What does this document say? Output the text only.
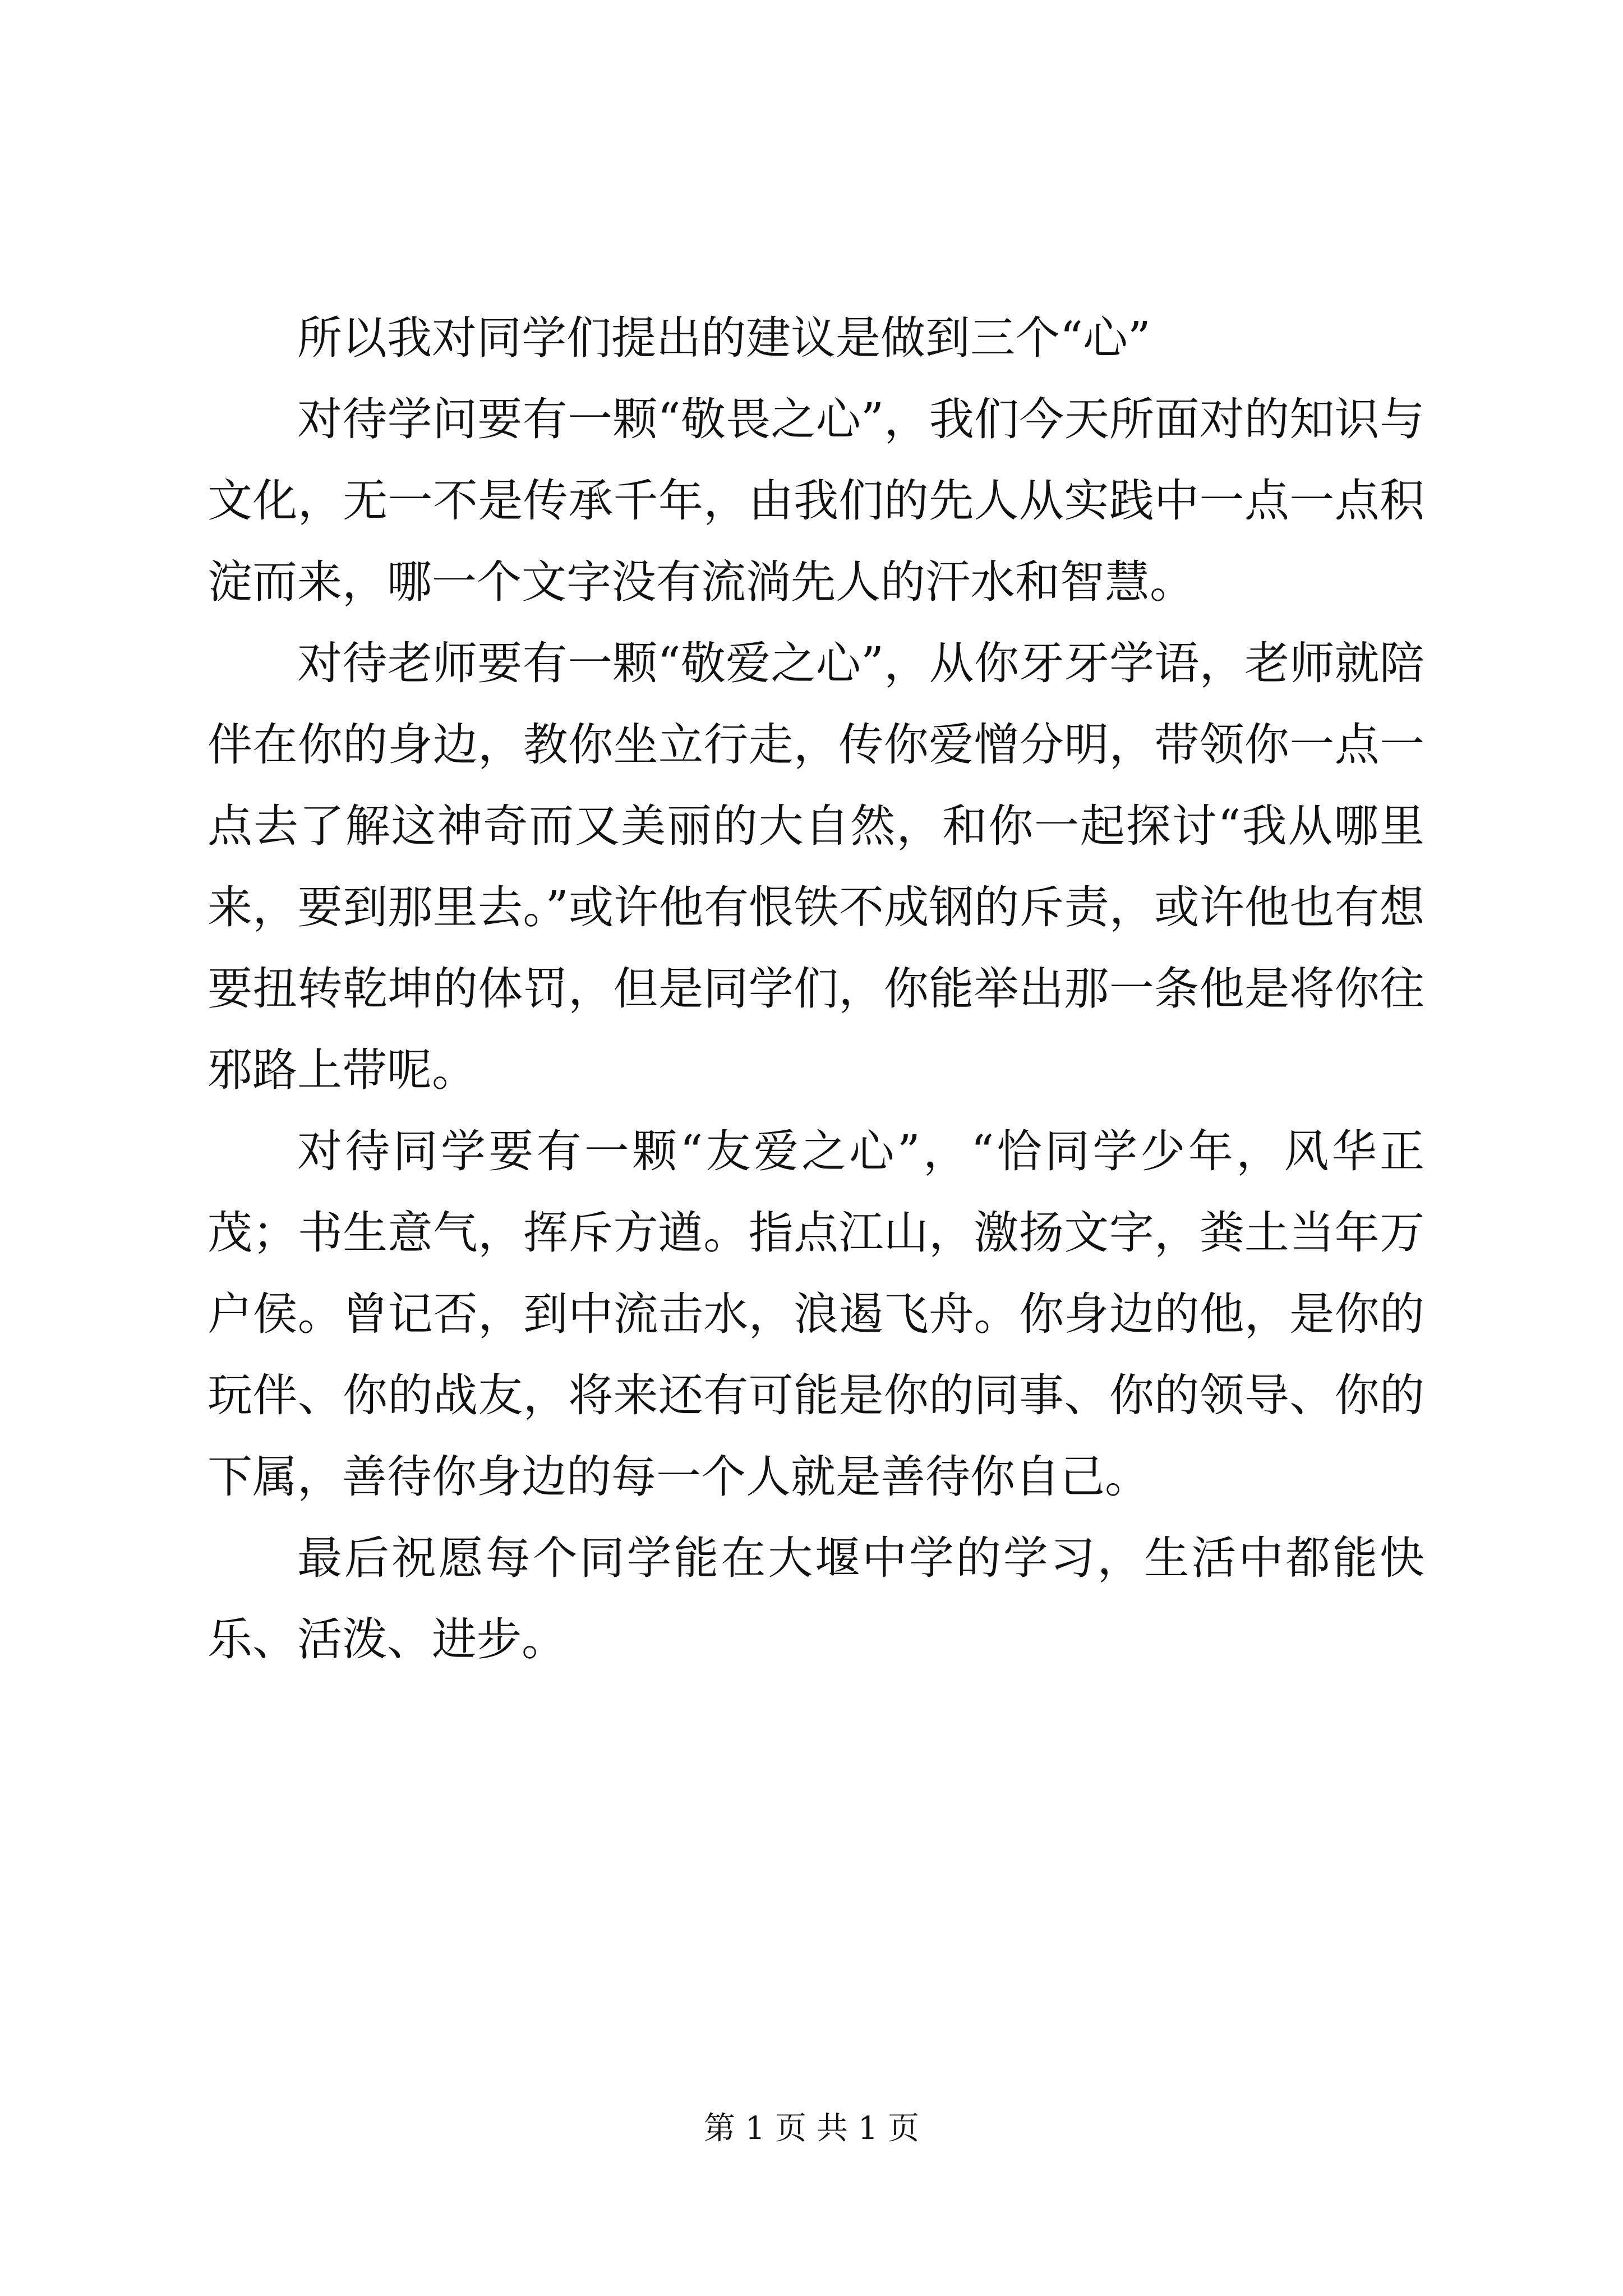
所以我对同学们提出的建议是做到三个“心”

对待学问要有一颗“敬畏之心”，我们今天所面对的知识与文化，无一不是传承千年，由我们的先人从实践中一点一点积淀而来，哪一个文字没有流淌先人的汗水和智慧。

对待老师要有一颗“敬爱之心”，从你牙牙学语，老师就陪伴在你的身边，教你坐立行走，传你爱憎分明，带领你一点一点去了解这神奇而又美丽的大自然，和你一起探讨“我从哪里来，要到那里去。”或许他有恨铁不成钢的斥责，或许他也有想要扭转乾坤的体罚，但是同学们，你能举出那一条他是将你往邪路上带呢。

对待同学要有一颗“友爱之心”，“恰同学少年，风华正茂；书生意气，挥斥方遒。指点江山，激扬文字，粪土当年万户侯。曾记否，到中流击水，浪遏飞舟。你身边的他，是你的玩伴、你的战友，将来还有可能是你的同事、你的领导、你的下属，善待你身边的每一个人就是善待你自己。

最后祝愿每个同学能在大堰中学的学习，生活中都能快乐、活泼、进步。

第 1 页 共 1 页
